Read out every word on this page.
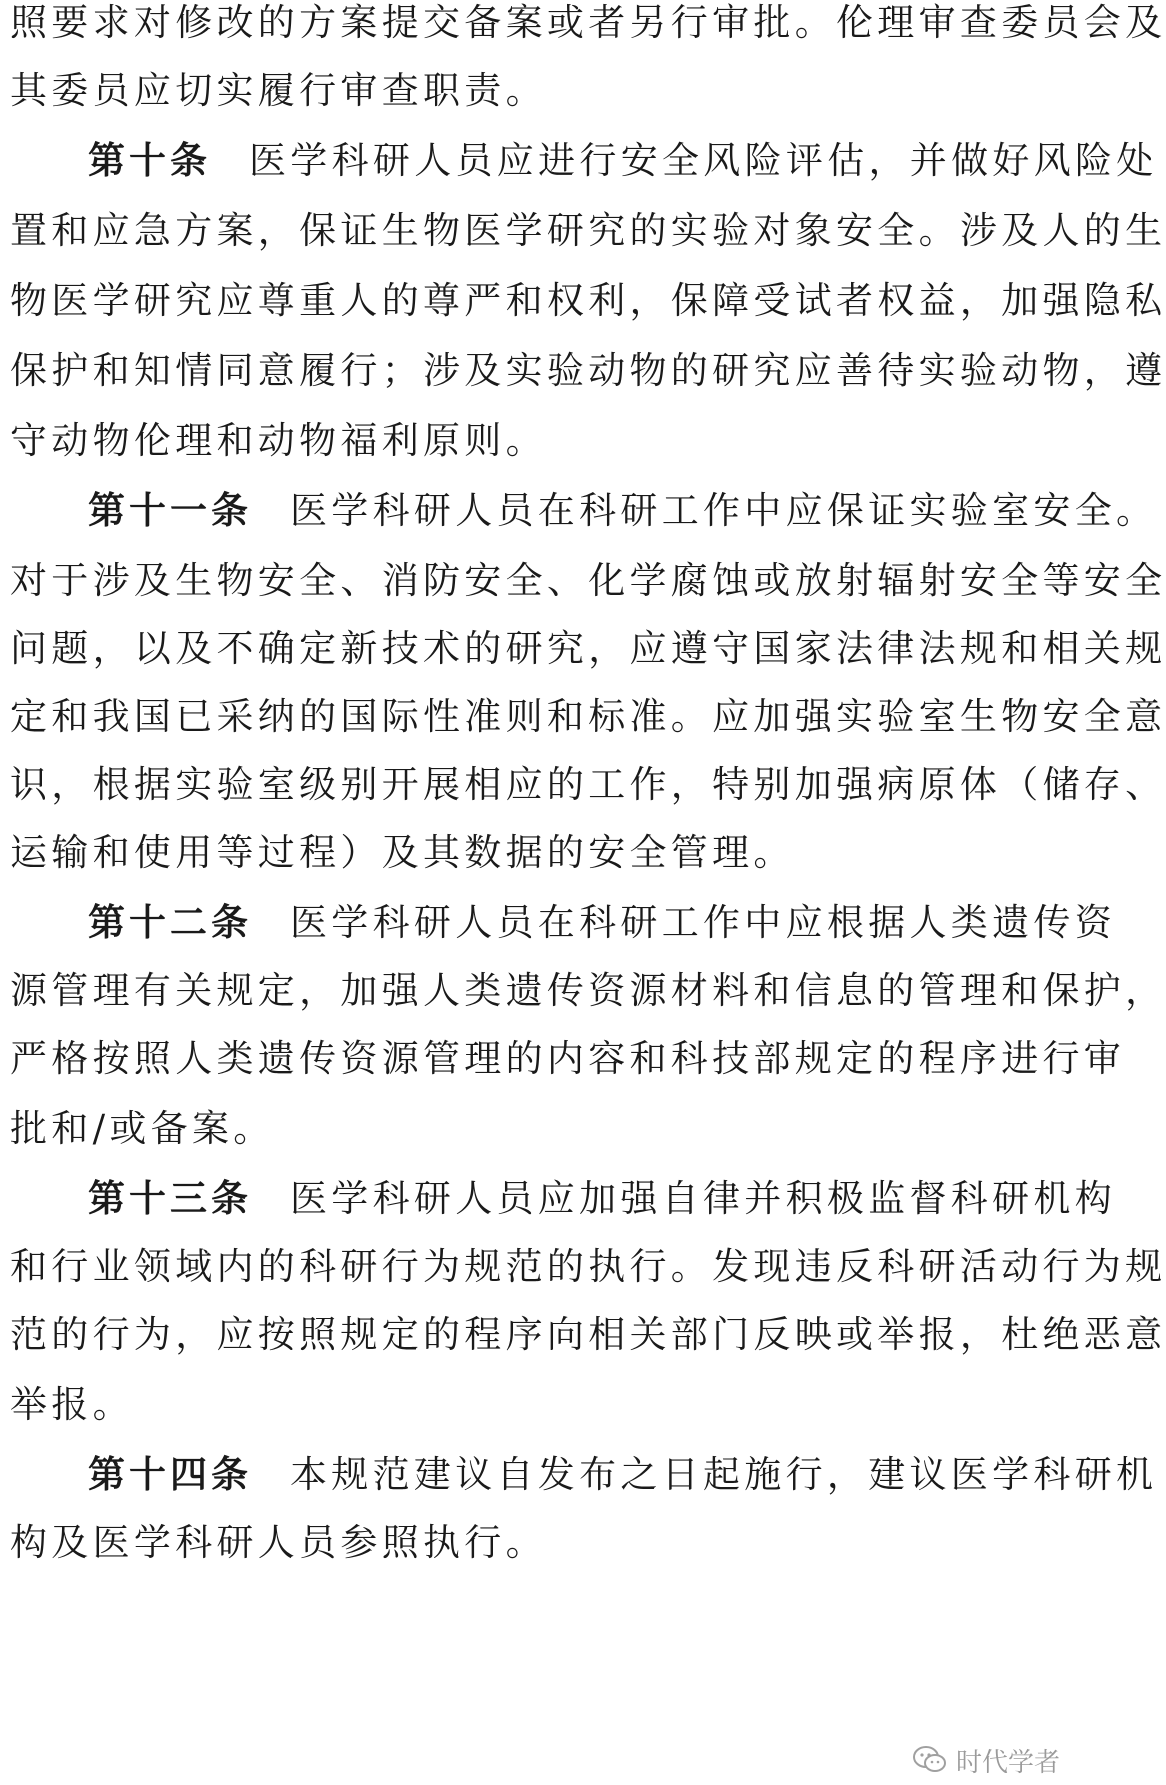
照要求对修改的方案提交备案或者另行审批。伦理审查委员会及
其委员应切实履行审查职责。
第十条 医学科研人员应进行安全风险评估，并做好风险处
置和应急方案，保证生物医学研究的实验对象安全。涉及人的生
物医学研究应尊重人的尊严和权利，保障受试者权益，加强隐私
保护和知情同意履行；涉及实验动物的研究应善待实验动物，遵
守动物伦理和动物福利原则。
第十一条 医学科研人员在科研工作中应保证实验室安全。
对于涉及生物安全、消防安全、化学腐蚀或放射辐射安全等安全
问题，以及不确定新技术的研究，应遵守国家法律法规和相关规
定和我国已采纳的国际性准则和标准。应加强实验室生物安全意
识，根据实验室级别开展相应的工作，特别加强病原体（储存、
运输和使用等过程）及其数据的安全管理。
第十二条 医学科研人员在科研工作中应根据人类遗传资
源管理有关规定，加强人类遗传资源材料和信息的管理和保护，
严格按照人类遗传资源管理的内容和科技部规定的程序进行审
批和/或备案。
第十三条 医学科研人员应加强自律并积极监督科研机构
和行业领域内的科研行为规范的执行。发现违反科研活动行为规
范的行为，应按照规定的程序向相关部门反映或举报，杜绝恶意
举报。
第十四条 本规范建议自发布之日起施行，建议医学科研机
构及医学科研人员参照执行。
时代学者
